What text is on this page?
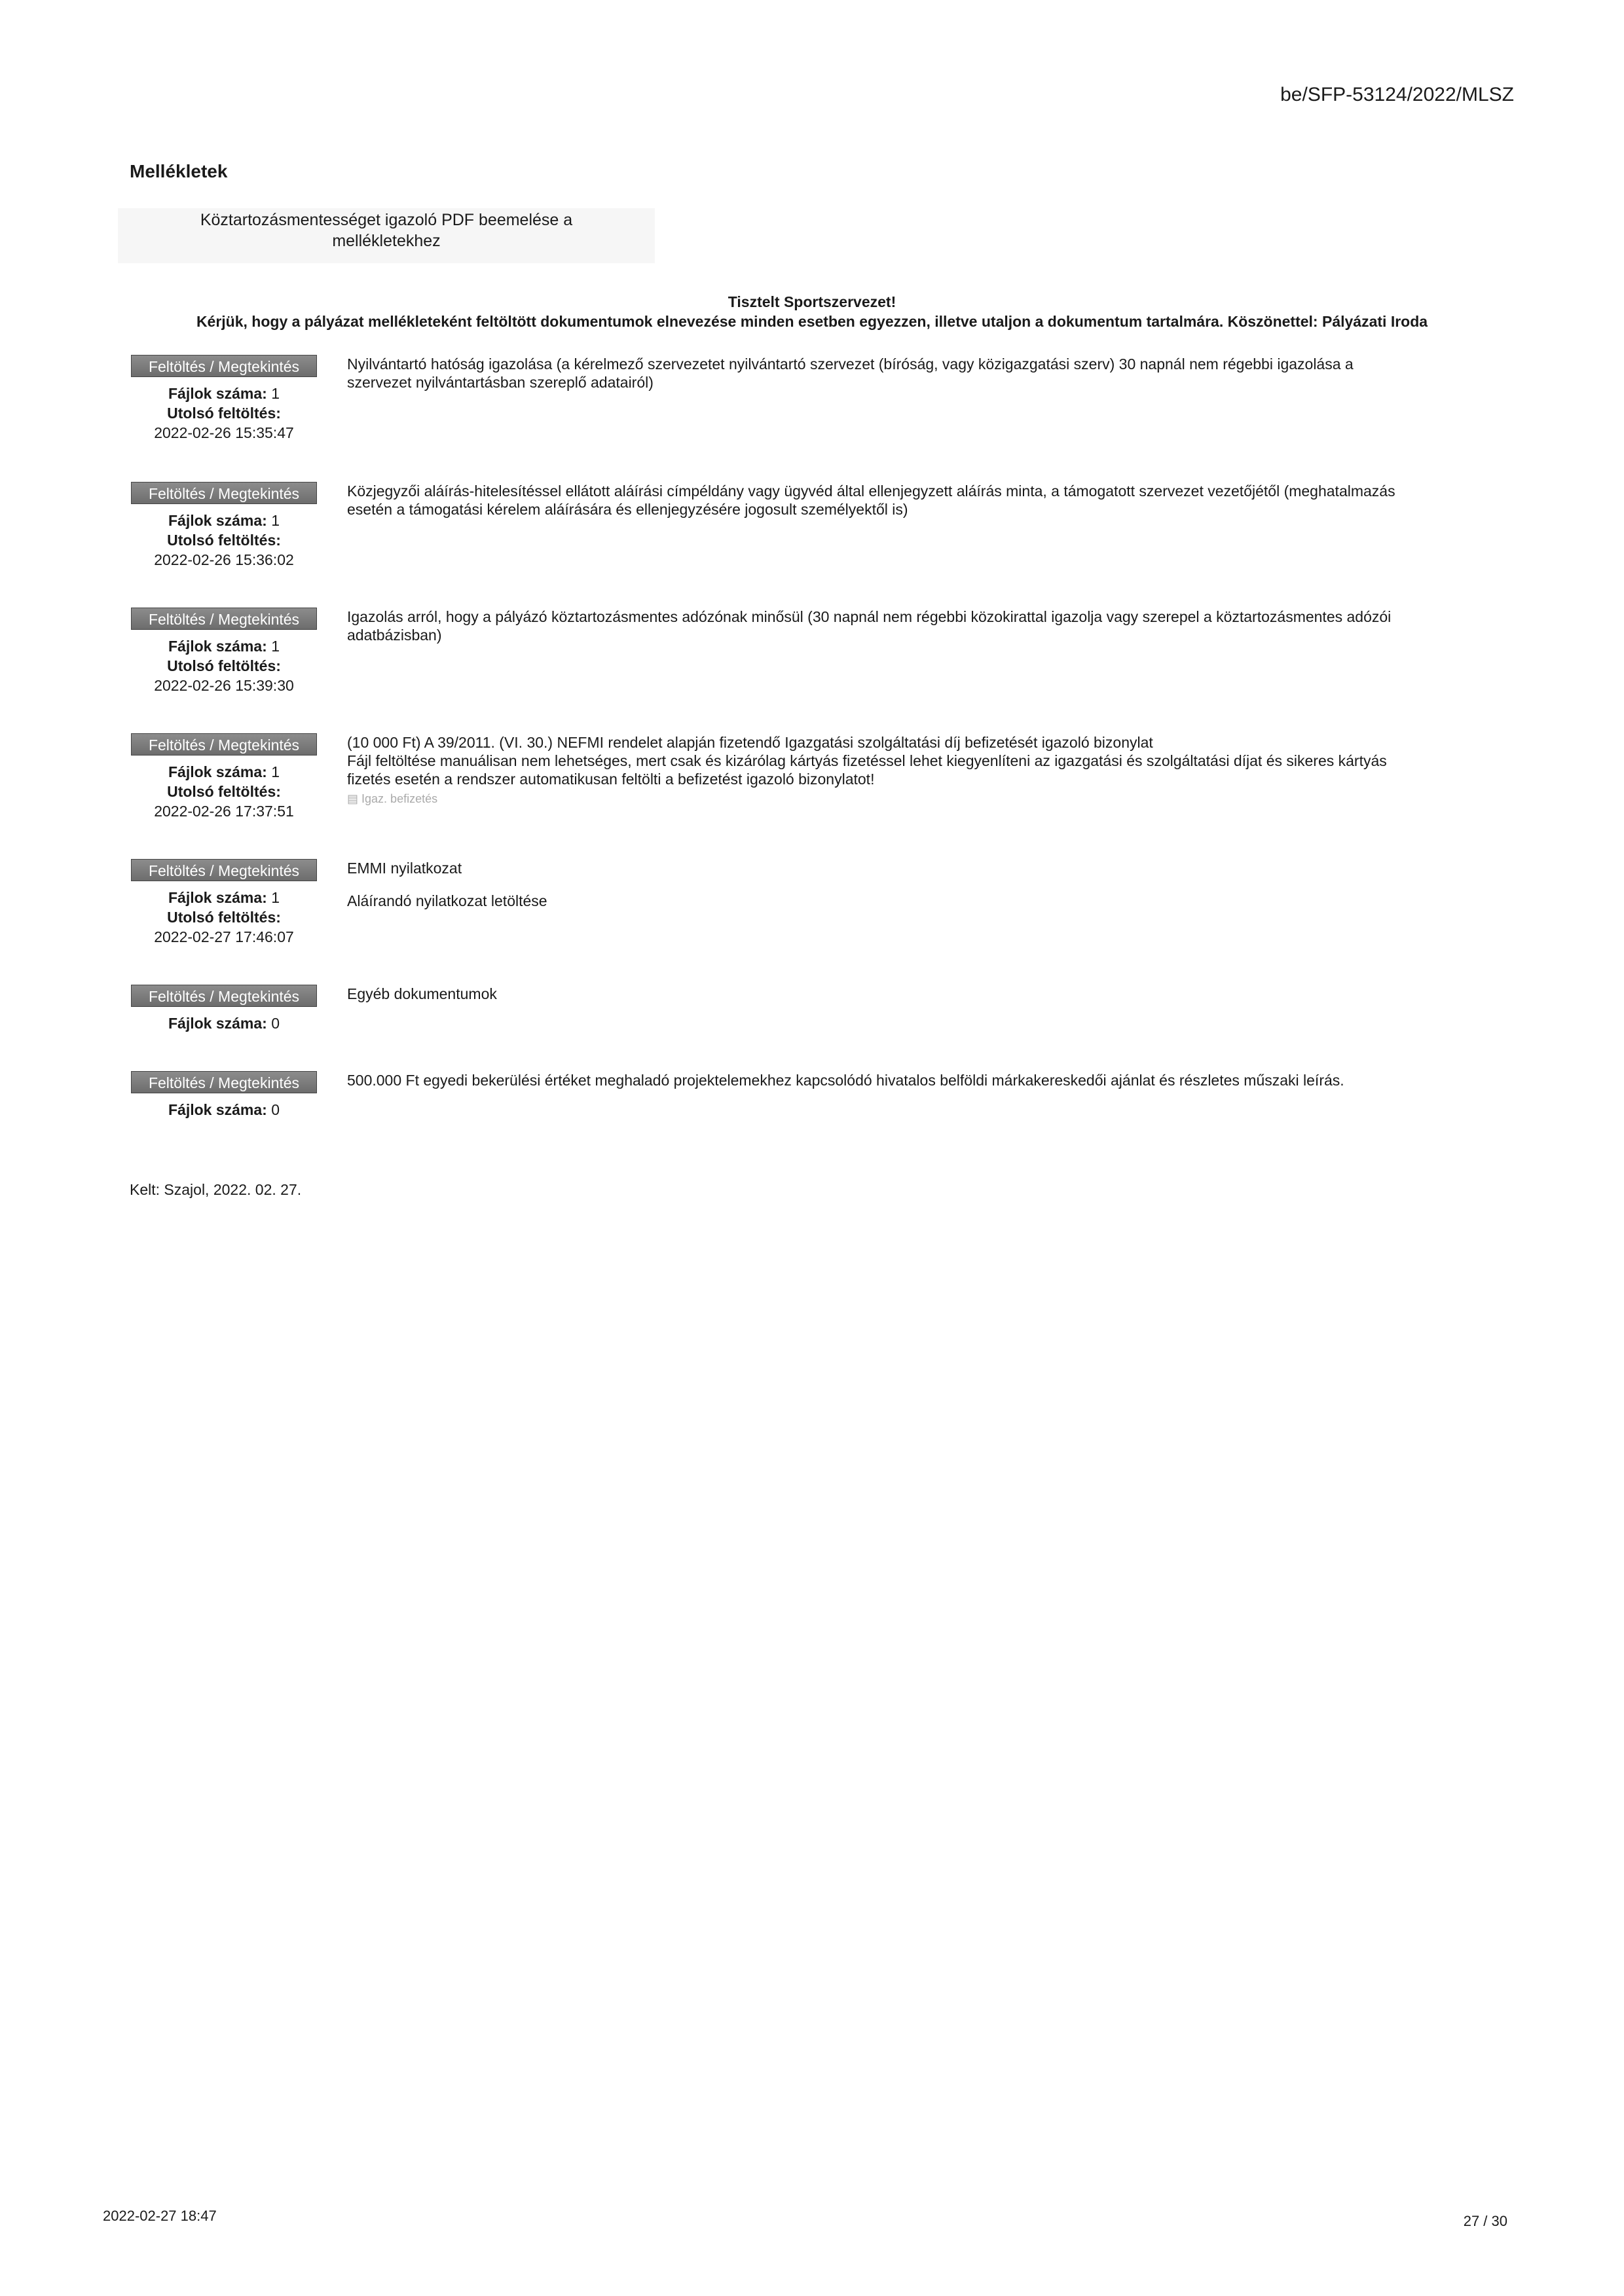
be/SFP-53124/2022/MLSZ
Mellékletek
Köztartozásmentességet igazoló PDF beemelése a
mellékletekhez
Tisztelt Sportszervezet!
Kérjük, hogy a pályázat mellékleteként feltöltött dokumentumok elnevezése minden esetben egyezzen, illetve utaljon a dokumentum tartalmára. Köszönettel: Pályázati Iroda
Feltöltés / Megtekintés
Fájlok száma: 1
Utolsó feltöltés:
2022-02-26 15:35:47

Nyilvántartó hatóság igazolása (a kérelmező szervezetet nyilvántartó szervezet (bíróság, vagy közigazgatási szerv) 30 napnál nem régebbi igazolása a szervezet nyilvántartásban szereplő adatairól)

Feltöltés / Megtekintés
Fájlok száma: 1
Utolsó feltöltés:
2022-02-26 15:36:02

Közjegyzői aláírás-hitelesítéssel ellátott aláírási címpéldány vagy ügyvéd által ellenjegyzett aláírás minta, a támogatott szervezet vezetőjétől (meghatalmazás esetén a támogatási kérelem aláírására és ellenjegyzésére jogosult személyektől is)

Feltöltés / Megtekintés
Fájlok száma: 1
Utolsó feltöltés:
2022-02-26 15:39:30

Igazolás arról, hogy a pályázó köztartozásmentes adózónak minősül (30 napnál nem régebbi közokirattal igazolja vagy szerepel a köztartozásmentes adózói adatbázisban)

Feltöltés / Megtekintés
Fájlok száma: 1
Utolsó feltöltés:
2022-02-26 17:37:51

(10 000 Ft) A 39/2011. (VI. 30.) NEFMI rendelet alapján fizetendő Igazgatási szolgáltatási díj befizetését igazoló bizonylat

Fájl feltöltése manuálisan nem lehetséges, mert csak és kizárólag kártyás fizetéssel lehet kiegyenlíteni az igazgatási és szolgáltatási díjat és sikeres kártyás fizetés esetén a rendszer automatikusan feltölti a befizetést igazoló bizonylatot!

▤ Igaz. befizetés

Feltöltés / Megtekintés
Fájlok száma: 1
Utolsó feltöltés:
2022-02-27 17:46:07

EMMI nyilatkozat

Aláírandó nyilatkozat letöltése

Feltöltés / Megtekintés
Fájlok száma: 0

Egyéb dokumentumok

Feltöltés / Megtekintés
Fájlok száma: 0

500.000 Ft egyedi bekerülési értéket meghaladó projektelemekhez kapcsolódó hivatalos belföldi márkakereskedői ajánlat és részletes műszaki leírás.

Kelt: Szajol, 2022. 02. 27.
2022-02-27 18:47	27 / 30
